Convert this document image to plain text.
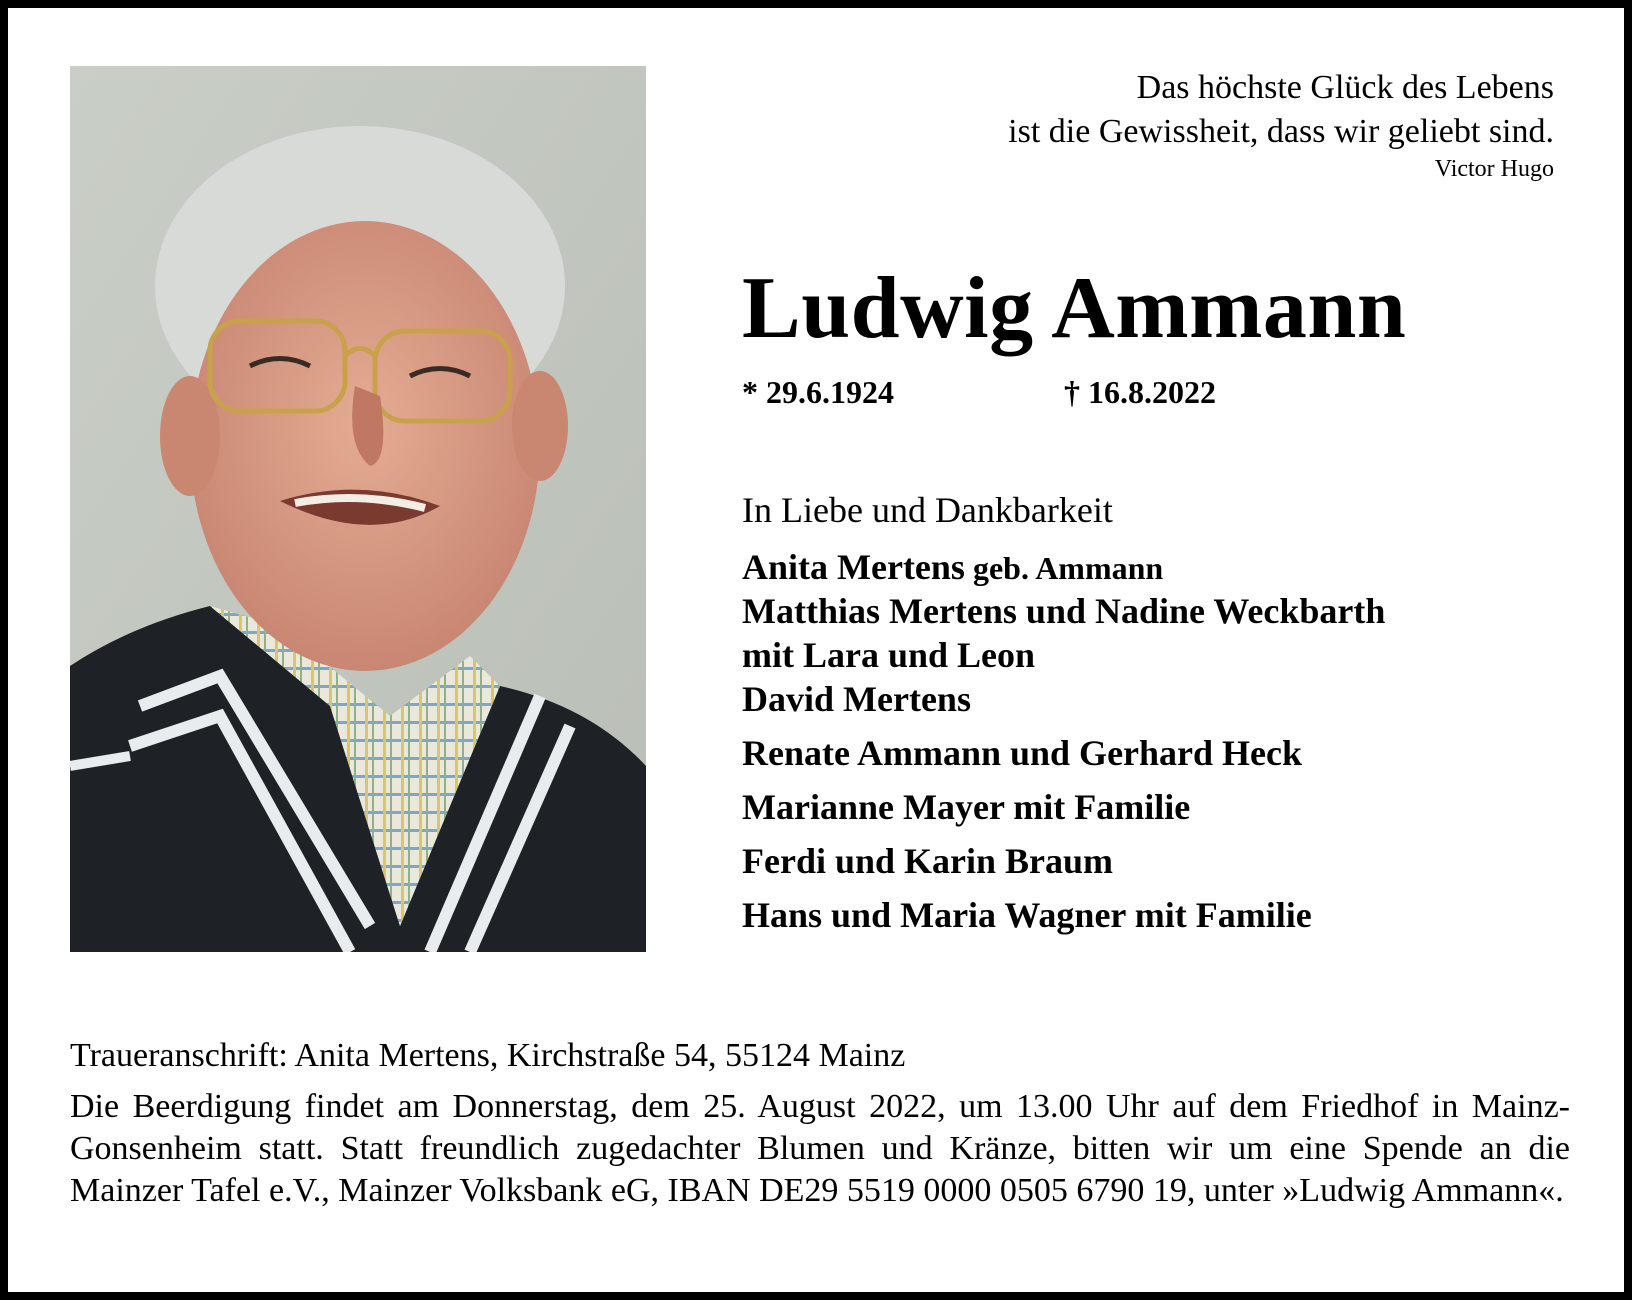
Das höchste Glück des Lebens
ist die Gewissheit, dass wir geliebt sind.
Victor Hugo
Ludwig Ammann
* 29.6.1924	† 16.8.2022
In Liebe und Dankbarkeit
Anita Mertens geb. Ammann
Matthias Mertens und Nadine Weckbarth
mit Lara und Leon
David Mertens
Renate Ammann und Gerhard Heck
Marianne Mayer mit Familie
Ferdi und Karin Braum
Hans und Maria Wagner mit Familie
Traueranschrift: Anita Mertens, Kirchstraße 54, 55124 Mainz
Die Beerdigung findet am Donnerstag, dem 25. August 2022, um 13.00 Uhr auf dem Friedhof in Mainz-Gonsenheim statt. Statt freundlich zugedachter Blumen und Kränze, bitten wir um eine Spende an die Mainzer Tafel e.V., Mainzer Volksbank eG, IBAN DE29 5519 0000 0505 6790 19, unter »Ludwig Ammann«.
